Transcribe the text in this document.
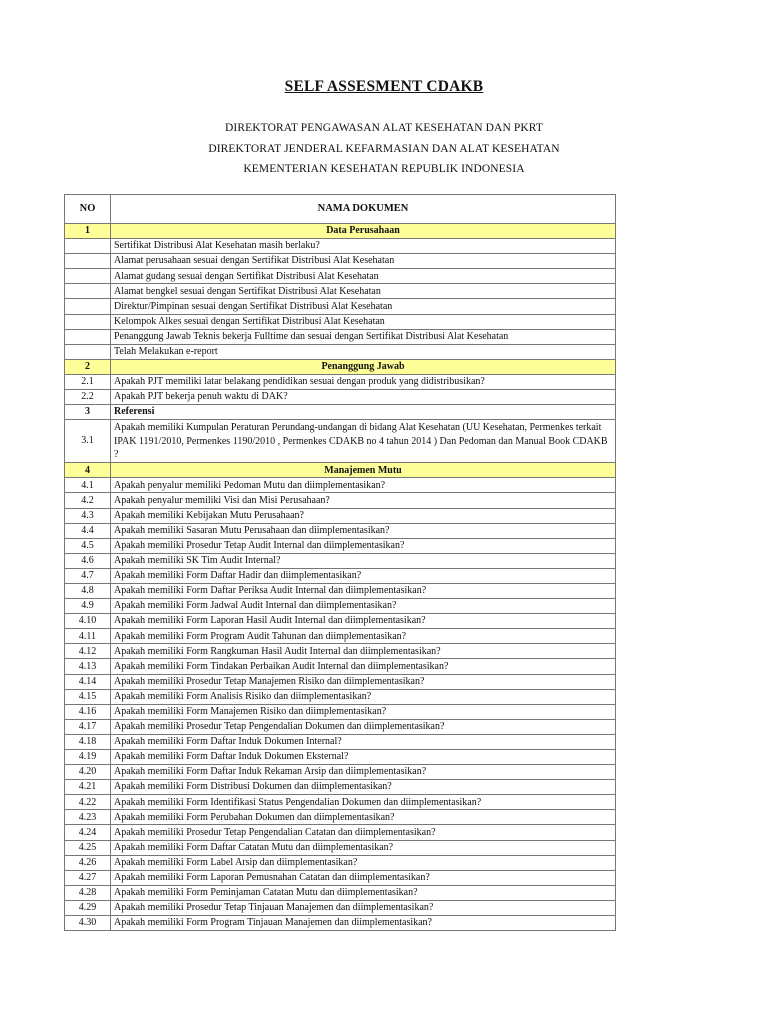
SELF ASSESMENT CDAKB
DIREKTORAT PENGAWASAN ALAT KESEHATAN DAN PKRT
DIREKTORAT JENDERAL KEFARMASIAN DAN ALAT KESEHATAN
KEMENTERIAN KESEHATAN REPUBLIK INDONESIA
NO	NAMA DOKUMEN
1	Data Perusahaan
	Sertifikat Distribusi Alat Kesehatan masih berlaku?
	Alamat perusahaan sesuai dengan Sertifikat Distribusi Alat Kesehatan
	Alamat gudang sesuai dengan Sertifikat Distribusi Alat Kesehatan
	Alamat bengkel sesuai dengan Sertifikat Distribusi Alat Kesehatan
	Direktur/Pimpinan sesuai dengan Sertifikat Distribusi Alat Kesehatan
	Kelompok Alkes sesuai dengan Sertifikat Distribusi Alat Kesehatan
	Penanggung Jawab Teknis bekerja Fulltime dan sesuai dengan Sertifikat Distribusi Alat Kesehatan
	Telah Melakukan e-report
2	Penanggung Jawab
2.1	Apakah PJT memiliki latar belakang pendidikan sesuai dengan produk yang didistribusikan?
2.2	Apakah PJT bekerja penuh waktu di DAK?
3	Referensi
3.1	Apakah memiliki Kumpulan Peraturan Perundang-undangan di bidang Alat Kesehatan (UU Kesehatan, Permenkes terkait IPAK 1191/2010, Permenkes 1190/2010 , Permenkes CDAKB no 4 tahun 2014 ) Dan Pedoman dan Manual Book CDAKB ?
4	Manajemen Mutu
4.1	Apakah penyalur memiliki Pedoman Mutu dan diimplementasikan?
4.2	Apakah penyalur memiliki Visi dan Misi Perusahaan?
4.3	Apakah memiliki Kebijakan Mutu Perusahaan?
4.4	Apakah memiliki Sasaran Mutu Perusahaan dan diimplementasikan?
4.5	Apakah memiliki Prosedur Tetap Audit Internal dan diimplementasikan?
4.6	Apakah memiliki SK Tim Audit Internal?
4.7	Apakah memiliki Form Daftar Hadir dan diimplementasikan?
4.8	Apakah memiliki Form Daftar Periksa Audit Internal dan diimplementasikan?
4.9	Apakah memiliki Form Jadwal Audit Internal dan diimplementasikan?
4.10	Apakah memiliki Form Laporan Hasil Audit Internal dan diimplementasikan?
4.11	Apakah memiliki Form Program Audit Tahunan dan diimplementasikan?
4.12	Apakah memiliki Form Rangkuman Hasil Audit Internal dan diimplementasikan?
4.13	Apakah memiliki Form Tindakan Perbaikan Audit Internal dan diimplementasikan?
4.14	Apakah memiliki Prosedur Tetap Manajemen Risiko dan diimplementasikan?
4.15	Apakah memiliki Form Analisis Risiko dan diimplementasikan?
4.16	Apakah memiliki Form Manajemen Risiko dan diimplementasikan?
4.17	Apakah memiliki Prosedur Tetap Pengendalian Dokumen dan diimplementasikan?
4.18	Apakah memiliki Form Daftar Induk Dokumen Internal?
4.19	Apakah memiliki Form Daftar Induk Dokumen Eksternal?
4.20	Apakah memiliki Form Daftar Induk Rekaman Arsip dan diimplementasikan?
4.21	Apakah memiliki Form Distribusi Dokumen dan diimplementasikan?
4.22	Apakah memiliki Form Identifikasi Status Pengendalian Dokumen dan diimplementasikan?
4.23	Apakah memiliki Form Perubahan Dokumen dan diimplementasikan?
4.24	Apakah memiliki Prosedur Tetap Pengendalian Catatan dan diimplementasikan?
4.25	Apakah memiliki Form Daftar Catatan Mutu dan diimplementasikan?
4.26	Apakah memiliki Form Label Arsip dan diimplementasikan?
4.27	Apakah memiliki Form Laporan Pemusnahan Catatan dan diimplementasikan?
4.28	Apakah memiliki Form Peminjaman Catatan Mutu dan diimplementasikan?
4.29	Apakah memiliki Prosedur Tetap Tinjauan Manajemen dan diimplementasikan?
4.30	Apakah memiliki Form Program Tinjauan Manajemen dan diimplementasikan?
